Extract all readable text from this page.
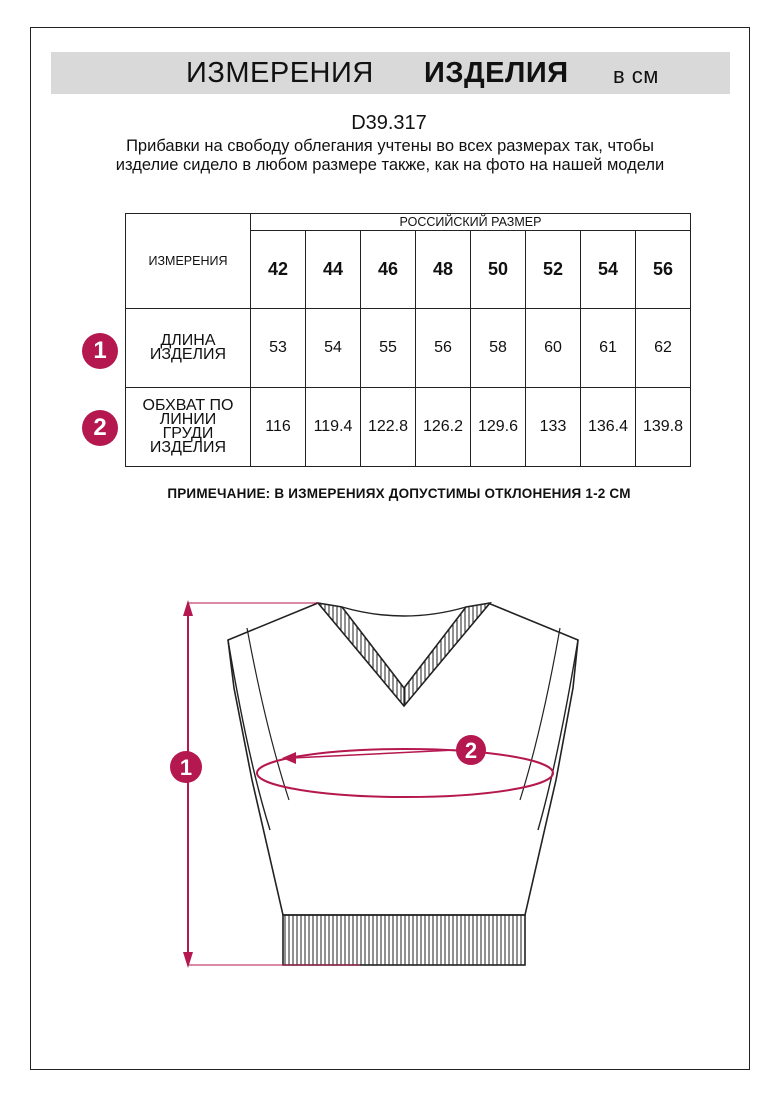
ИЗМЕРЕНИЯ ИЗДЕЛИЯ в см
D39.317
Прибавки на свободу облегания учтены во всех размерах так, чтобы изделие сидело в любом размере также, как на фото на нашей модели
ИЗМЕРЕНИЯ	РОССИЙСКИЙ РАЗМЕР							
	42	44	46	48	50	52	54	56
ДЛИНА ИЗДЕЛИЯ	53	54	55	56	58	60	61	62
ОБХВАТ ПО ЛИНИИ ГРУДИ ИЗДЕЛИЯ	116	119.4	122.8	126.2	129.6	133	136.4	139.8
1
2
ПРИМЕЧАНИЕ: В ИЗМЕРЕНИЯХ ДОПУСТИМЫ ОТКЛОНЕНИЯ 1-2 СМ
1
2
